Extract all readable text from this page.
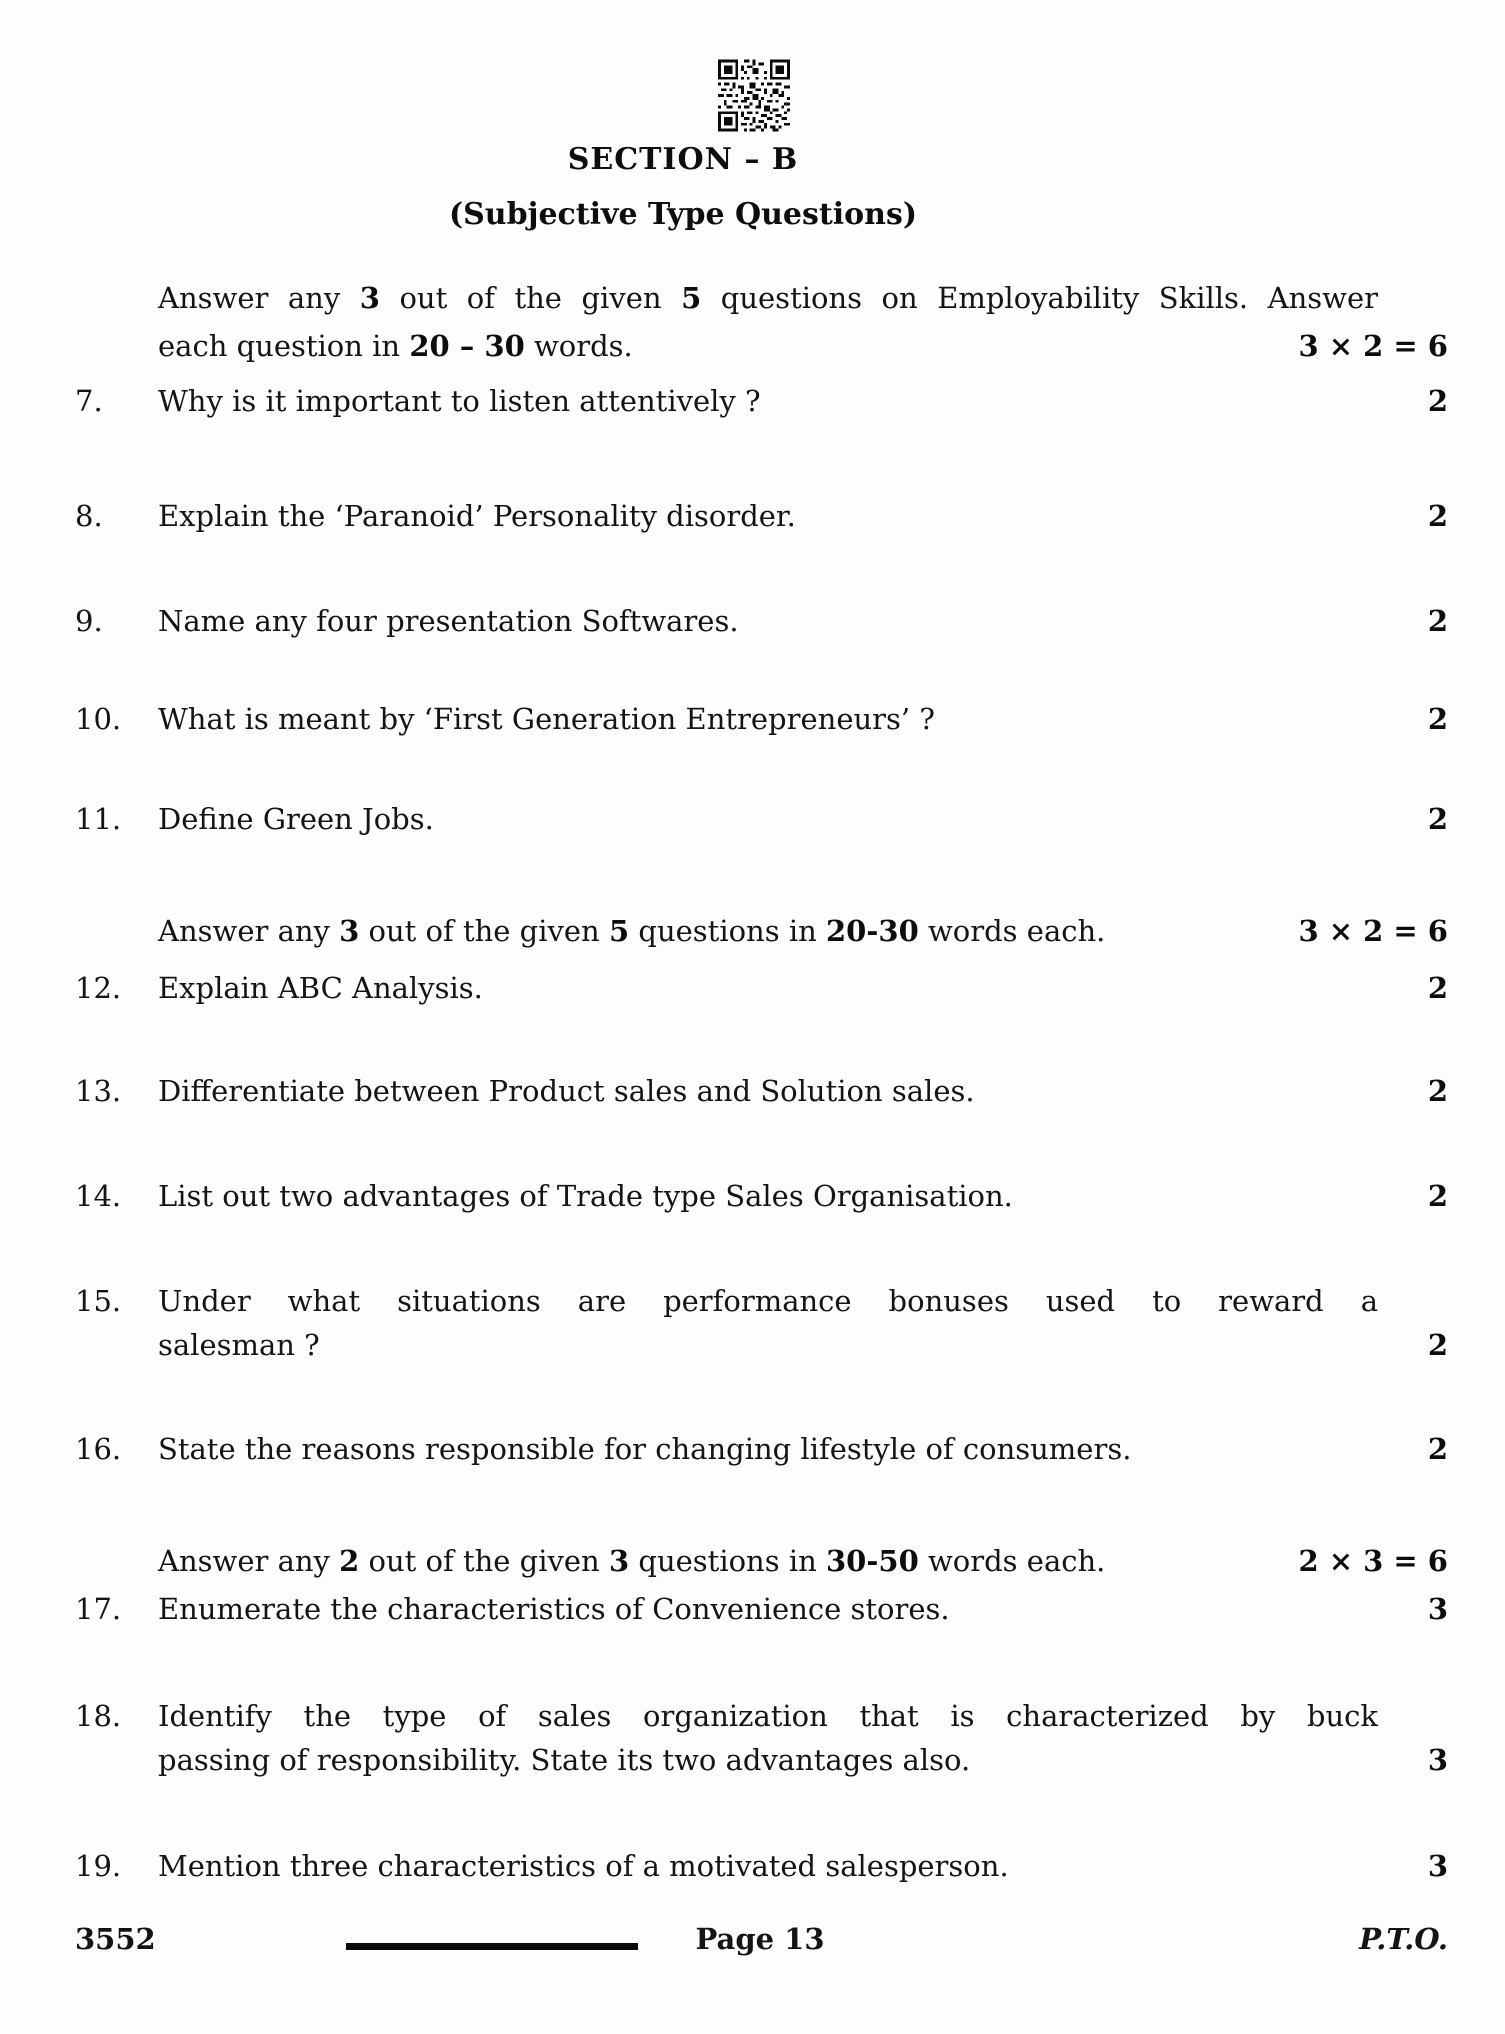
SECTION – B
(Subjective Type Questions)
Answer any 3 out of the given 5 questions on Employability Skills. Answer
each question in 20 – 30 words.	3 × 2 = 6
7. Why is it important to listen attentively ?	2
8. Explain the ‘Paranoid’ Personality disorder.	2
9. Name any four presentation Softwares.	2
10. What is meant by ‘First Generation Entrepreneurs’ ?	2
11. Define Green Jobs.	2
Answer any 3 out of the given 5 questions in 20-30 words each.	3 × 2 = 6
12. Explain ABC Analysis.	2
13. Differentiate between Product sales and Solution sales.	2
14. List out two advantages of Trade type Sales Organisation.	2
15. Under what situations are performance bonuses used to reward a
salesman ?	2
16. State the reasons responsible for changing lifestyle of consumers.	2
Answer any 2 out of the given 3 questions in 30-50 words each.	2 × 3 = 6
17. Enumerate the characteristics of Convenience stores.	3
18. Identify the type of sales organization that is characterized by buck
passing of responsibility. State its two advantages also.	3
19. Mention three characteristics of a motivated salesperson.	3
3552	Page 13	P.T.O.
